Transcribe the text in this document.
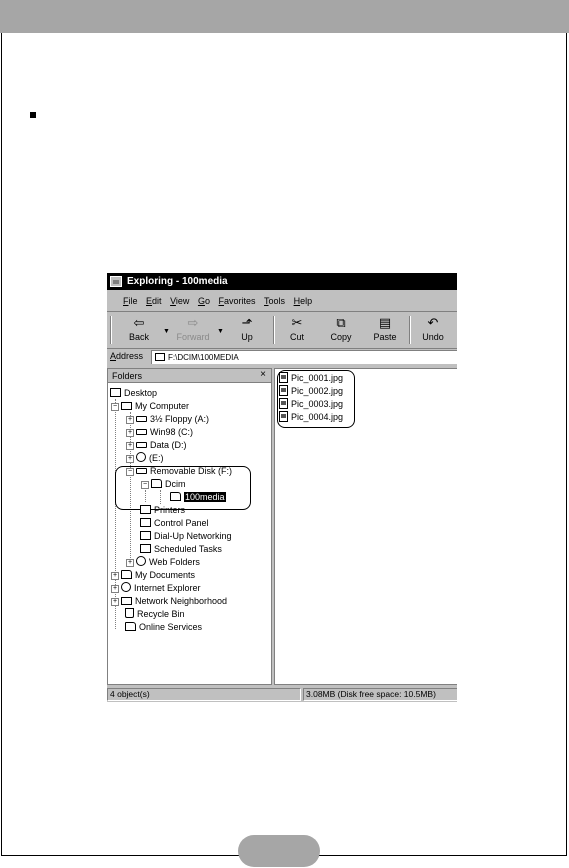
Exploring - 100media
File Edit View Go Favorites Tools Help
⇦
Back
▼
⇨
Forward
▼
⬏
Up
✂
Cut
⧉
Copy
▤
Paste
↶
Undo
Address	F:\DCIM\100MEDIA
Folders	×
Desktop
− My Computer
+ 3½ Floppy (A:)
+ Win98 (C:)
+ Data (D:)
+ (E:)
− Removable Disk (F:)
− Dcim
100media
Printers
Control Panel
Dial-Up Networking
Scheduled Tasks
+ Web Folders
+ My Documents
+ Internet Explorer
+ Network Neighborhood
Recycle Bin
Online Services
Pic_0001.jpg
Pic_0002.jpg
Pic_0003.jpg
Pic_0004.jpg
4 object(s)	3.08MB (Disk free space: 10.5MB)
